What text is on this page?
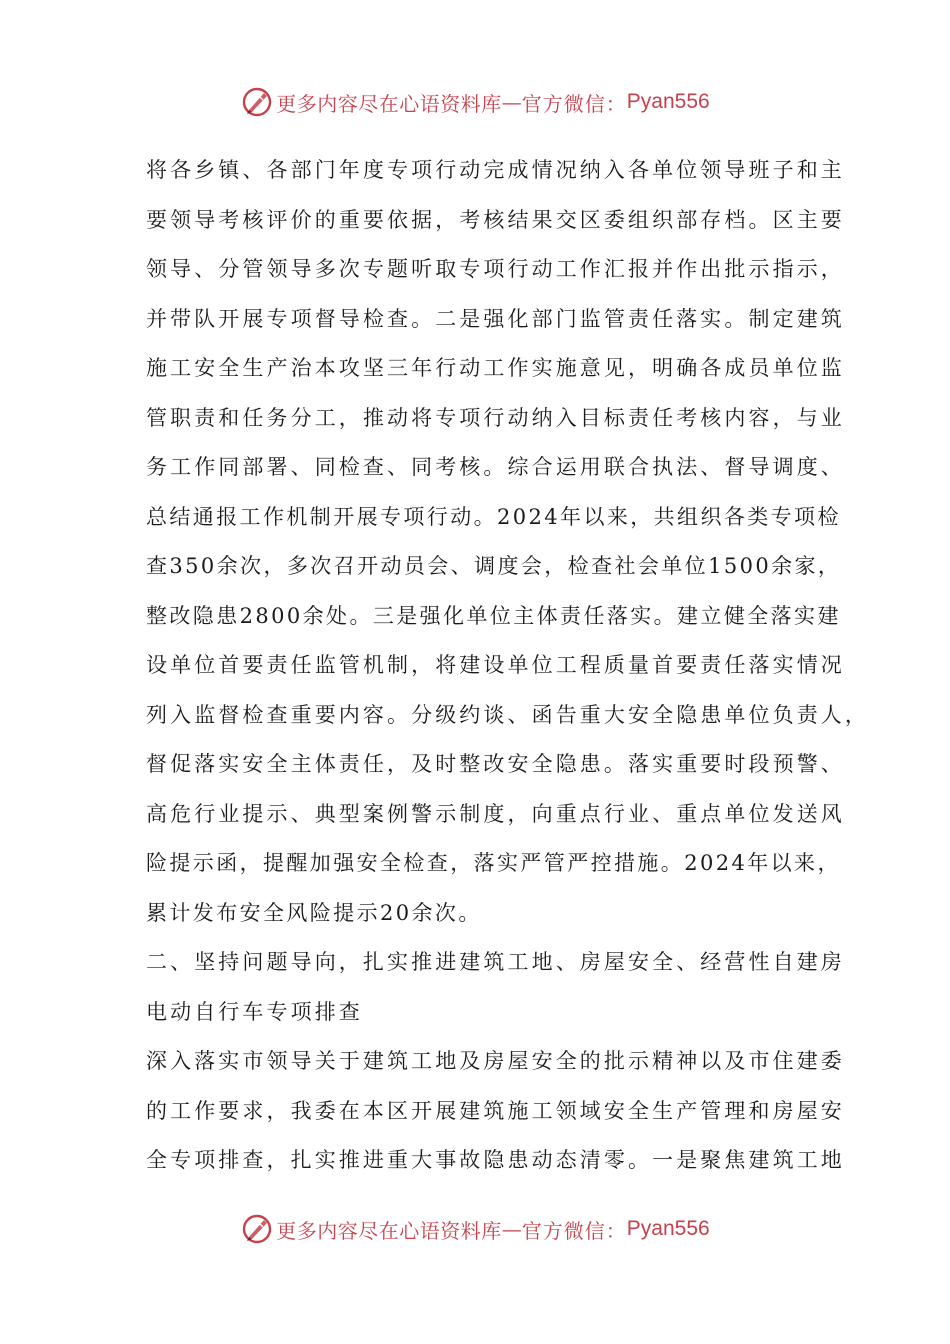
更多内容尽在心语资料库 — 官方微信： Pyan556
将各乡镇、各部门年度专项行动完成情况纳入各单位领导班子和主
要领导考核评价的重要依据，考核结果交区委组织部存档。区主要
领导、分管领导多次专题听取专项行动工作汇报并作出批示指示，
并带队开展专项督导检查。二是强化部门监管责任落实。制定建筑
施工安全生产治本攻坚三年行动工作实施意见，明确各成员单位监
管职责和任务分工，推动将专项行动纳入目标责任考核内容，与业
务工作同部署、同检查、同考核。综合运用联合执法、督导调度、
总结通报工作机制开展专项行动。2024年以来，共组织各类专项检
查350余次，多次召开动员会、调度会，检查社会单位1500余家，
整改隐患2800余处。三是强化单位主体责任落实。建立健全落实建
设单位首要责任监管机制，将建设单位工程质量首要责任落实情况
列入监督检查重要内容。分级约谈、函告重大安全隐患单位负责人，
督促落实安全主体责任，及时整改安全隐患。落实重要时段预警、
高危行业提示、典型案例警示制度，向重点行业、重点单位发送风
险提示函，提醒加强安全检查，落实严管严控措施。2024年以来，
累计发布安全风险提示20余次。
二、坚持问题导向，扎实推进建筑工地、房屋安全、经营性自建房
电动自行车专项排查
深入落实市领导关于建筑工地及房屋安全的批示精神以及市住建委
的工作要求，我委在本区开展建筑施工领域安全生产管理和房屋安
全专项排查，扎实推进重大事故隐患动态清零。一是聚焦建筑工地
更多内容尽在心语资料库 — 官方微信： Pyan556
